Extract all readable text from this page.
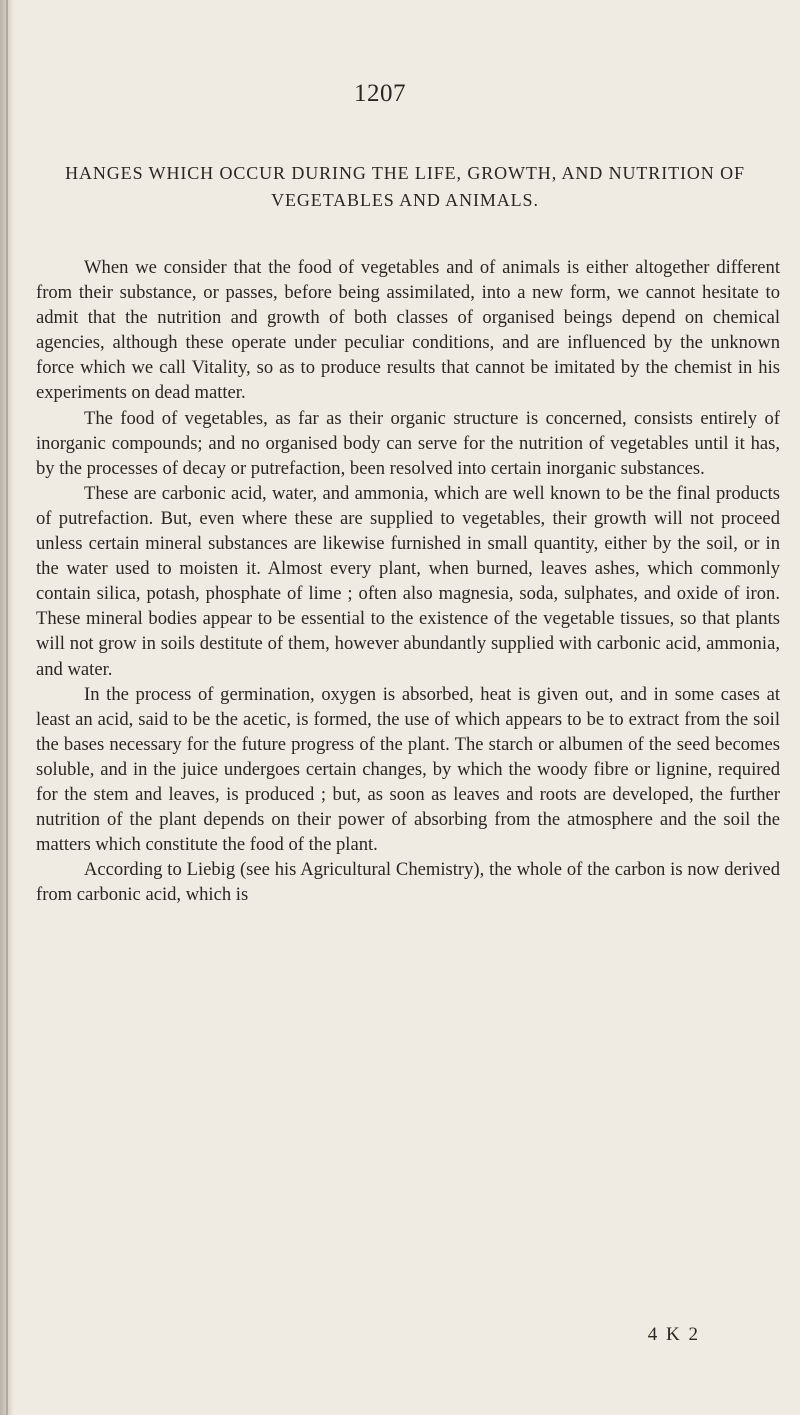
1207
HANGES WHICH OCCUR DURING THE LIFE, GROWTH, AND NUTRITION OF VEGETABLES AND ANIMALS.

When we consider that the food of vegetables and of animals is either altogether different from their substance, or passes, before being assimilated, into a new form, we cannot hesitate to admit that the nutrition and growth of both classes of organised beings depend on chemical agencies, although these operate under peculiar conditions, and are influenced by the unknown force which we call Vitality, so as to produce results that cannot be imitated by the chemist in his experiments on dead matter.

The food of vegetables, as far as their organic structure is concerned, consists entirely of inorganic compounds; and no organised body can serve for the nutrition of vegetables until it has, by the processes of decay or putrefaction, been resolved into certain inorganic substances.

These are carbonic acid, water, and ammonia, which are well known to be the final products of putrefaction. But, even where these are supplied to vegetables, their growth will not proceed unless certain mineral substances are likewise furnished in small quantity, either by the soil, or in the water used to moisten it. Almost every plant, when burned, leaves ashes, which commonly contain silica, potash, phosphate of lime ; often also magnesia, soda, sulphates, and oxide of iron. These mineral bodies appear to be essential to the existence of the vegetable tissues, so that plants will not grow in soils destitute of them, however abundantly supplied with carbonic acid, ammonia, and water.

In the process of germination, oxygen is absorbed, heat is given out, and in some cases at least an acid, said to be the acetic, is formed, the use of which appears to be to extract from the soil the bases necessary for the future progress of the plant. The starch or albumen of the seed becomes soluble, and in the juice undergoes certain changes, by which the woody fibre or lignine, required for the stem and leaves, is produced ; but, as soon as leaves and roots are developed, the further nutrition of the plant depends on their power of absorbing from the atmosphere and the soil the matters which constitute the food of the plant.

According to Liebig (see his Agricultural Chemistry), the whole of the carbon is now derived from carbonic acid, which is

4 K 2
